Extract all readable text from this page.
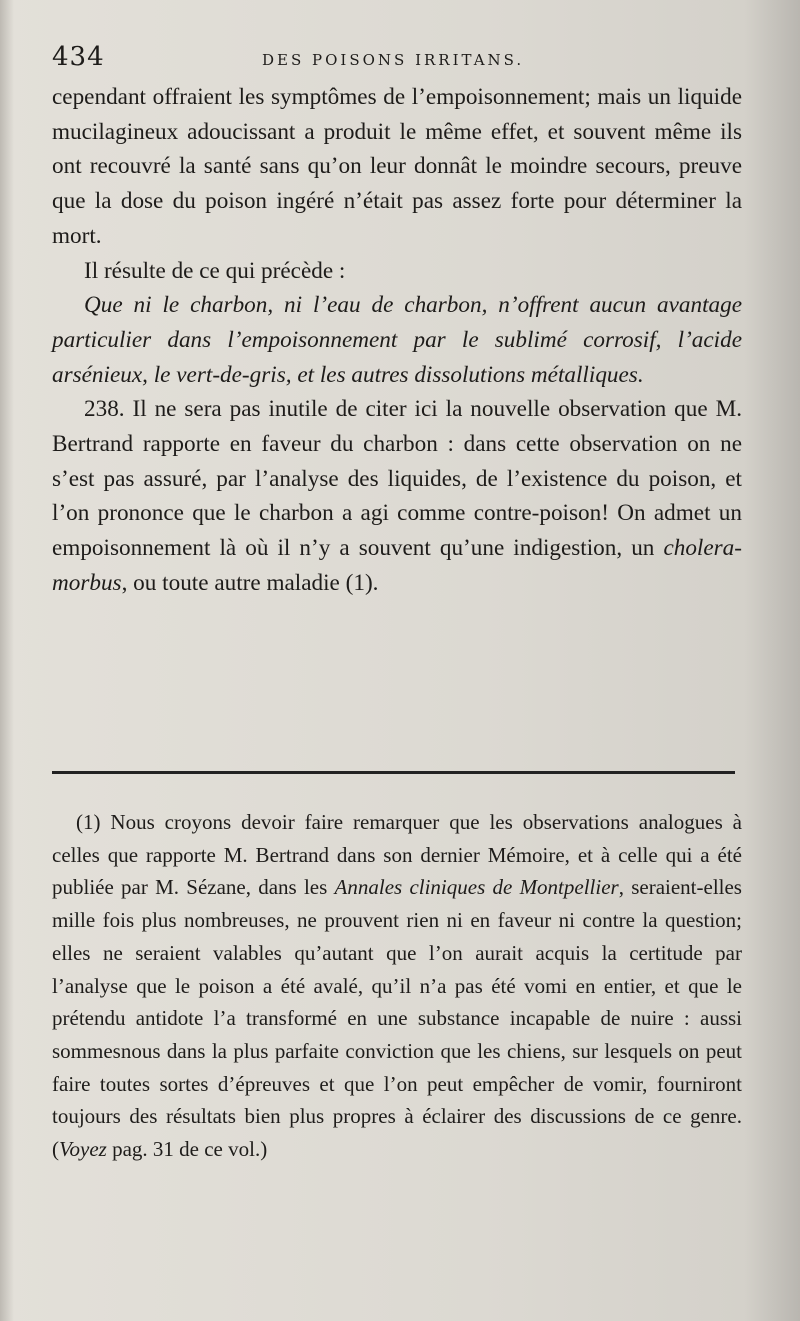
434	DES POISONS IRRITANS.

cependant offraient les symptômes de l’empoisonnement; mais un liquide mucilagineux adoucissant a produit le même effet, et souvent même ils ont recouvré la santé sans qu’on leur donnât le moindre secours, preuve que la dose du poison ingéré n’était pas assez forte pour déterminer la mort.

Il résulte de ce qui précède :

Que ni le charbon, ni l’eau de charbon, n’offrent aucun avantage particulier dans l’empoisonnement par le sublimé corrosif, l’acide arsénieux, le vert-de-gris, et les autres dissolutions métalliques.

238. Il ne sera pas inutile de citer ici la nouvelle observation que M. Bertrand rapporte en faveur du charbon : dans cette observation on ne s’est pas assuré, par l’analyse des liquides, de l’existence du poison, et l’on prononce que le charbon a agi comme contre-poison! On admet un empoisonnement là où il n’y a souvent qu’une indigestion, un cholera-morbus, ou toute autre maladie (1).

(1) Nous croyons devoir faire remarquer que les observations analogues à celles que rapporte M. Bertrand dans son dernier Mémoire, et à celle qui a été publiée par M. Sézane, dans les Annales cliniques de Montpellier, seraient-elles mille fois plus nombreuses, ne prouvent rien ni en faveur ni contre la question; elles ne seraient valables qu’autant que l’on aurait acquis la certitude par l’analyse que le poison a été avalé, qu’il n’a pas été vomi en entier, et que le prétendu antidote l’a transformé en une substance incapable de nuire : aussi sommesnous dans la plus parfaite conviction que les chiens, sur lesquels on peut faire toutes sortes d’épreuves et que l’on peut empêcher de vomir, fourniront toujours des résultats bien plus propres à éclairer des discussions de ce genre. (Voyez pag. 31 de ce vol.)
